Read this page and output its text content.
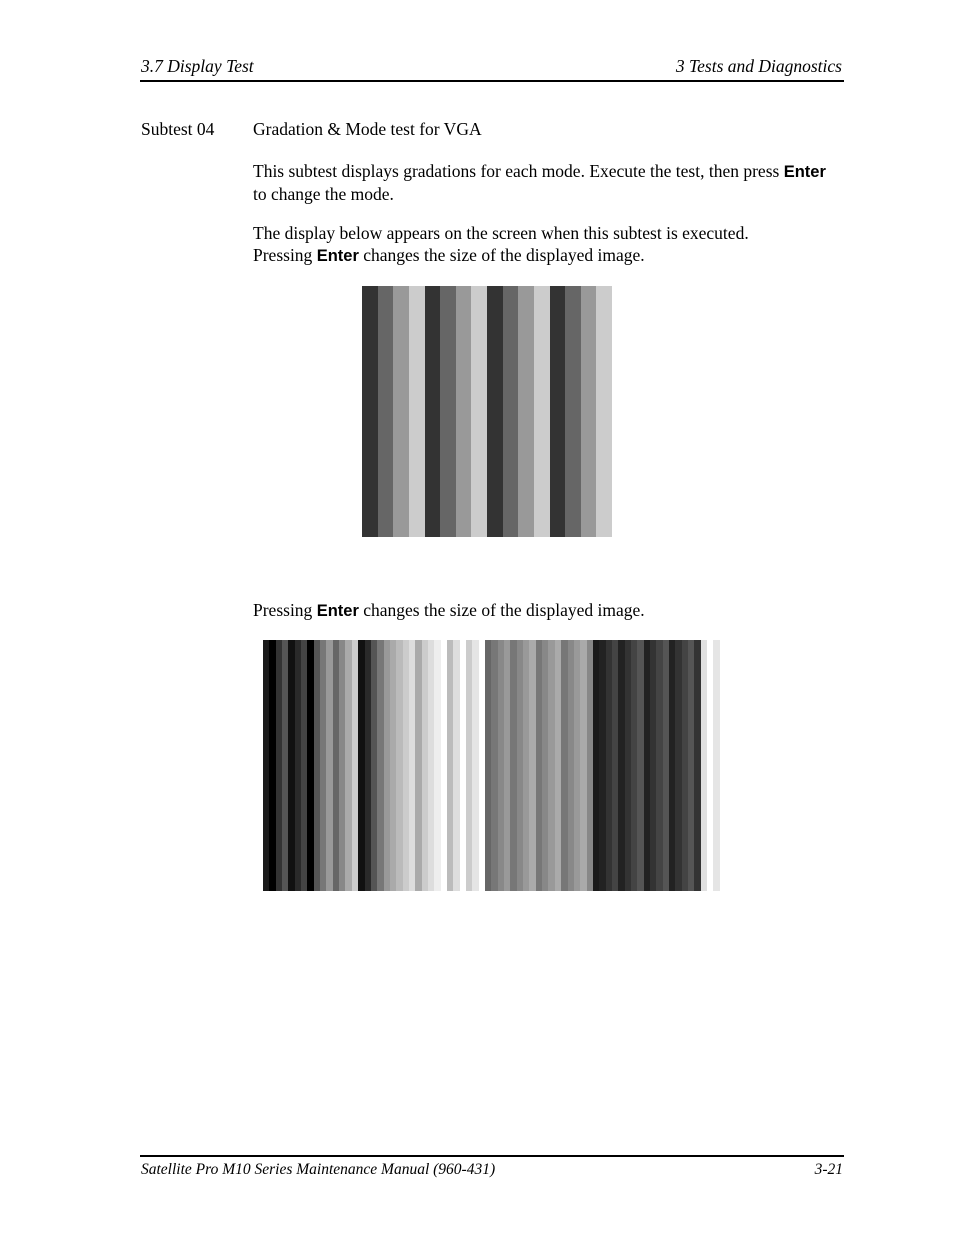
3.7 Display Test	3 Tests and Diagnostics
Subtest 04 Gradation & Mode test for VGA

This subtest displays gradations for each mode. Execute the test, then press Enter to change the mode.

The display below appears on the screen when this subtest is executed.
Pressing Enter changes the size of the displayed image.

Pressing Enter changes the size of the displayed image.

Satellite Pro M10 Series Maintenance Manual (960-431)	3-21
